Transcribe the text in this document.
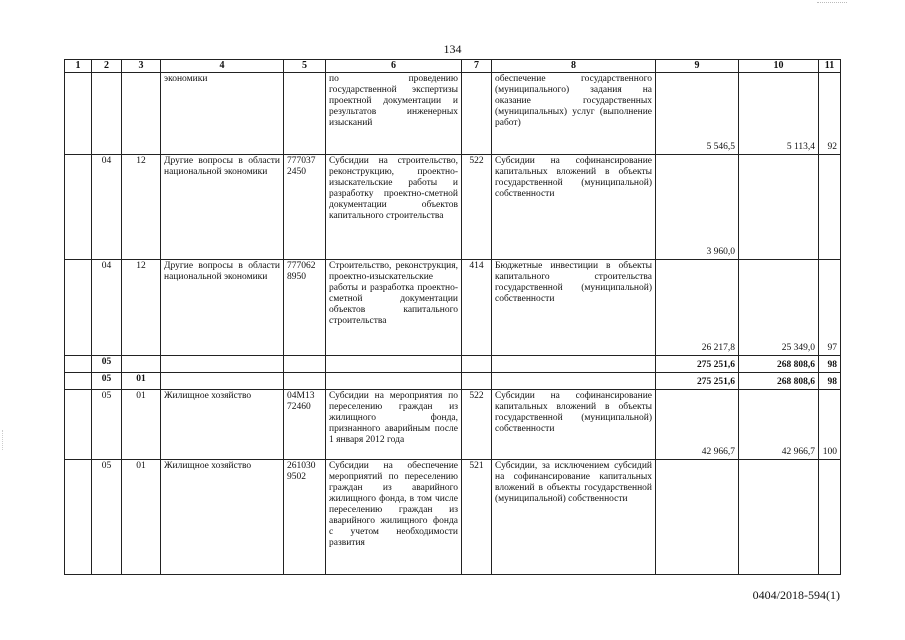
134
1	2	3	4	5	6	7	8	9	10	11
			экономики		по проведению государственной экспертизы проектной документации и результатов инженерных изысканий		обеспечение государственного (муниципального) задания на оказание государственных (муниципальных) услуг (выполнение работ)	5 546,5	5 113,4	92
	04	12	Другие вопросы в области национальной экономики	777037 2450	Субсидии на строительство, реконструкцию, проектно-изыскательские работы и разработку проектно-сметной документации объектов капитального строительства	522	Субсидии на софинансирование капитальных вложений в объекты государственной (муниципальной) собственности	3 960,0		
	04	12	Другие вопросы в области национальной экономики	777062 8950	Строительство, реконструкция, проектно-изыскательские работы и разработка проектно-сметной документации объектов капитального строительства	414	Бюджетные инвестиции в объекты капитального строительства государственной (муниципальной) собственности	26 217,8	25 349,0	97
	05							275 251,6	268 808,6	98
	05	01						275 251,6	268 808,6	98
	05	01	Жилищное хозяйство	04М13 72460	Субсидии на мероприятия по переселению граждан из жилищного фонда, признанного аварийным после 1 января 2012 года	522	Субсидии на софинансирование капитальных вложений в объекты государственной (муниципальной) собственности	42 966,7	42 966,7	100
	05	01	Жилищное хозяйство	261030 9502	Субсидии на обеспечение мероприятий по переселению граждан из аварийного жилищного фонда, в том числе переселению граждан из аварийного жилищного фонда с учетом необходимости развития	521	Субсидии, за исключением субсидий на софинансирование капитальных вложений в объекты государственной (муниципальной) собственности			
0404/2018-594(1)
